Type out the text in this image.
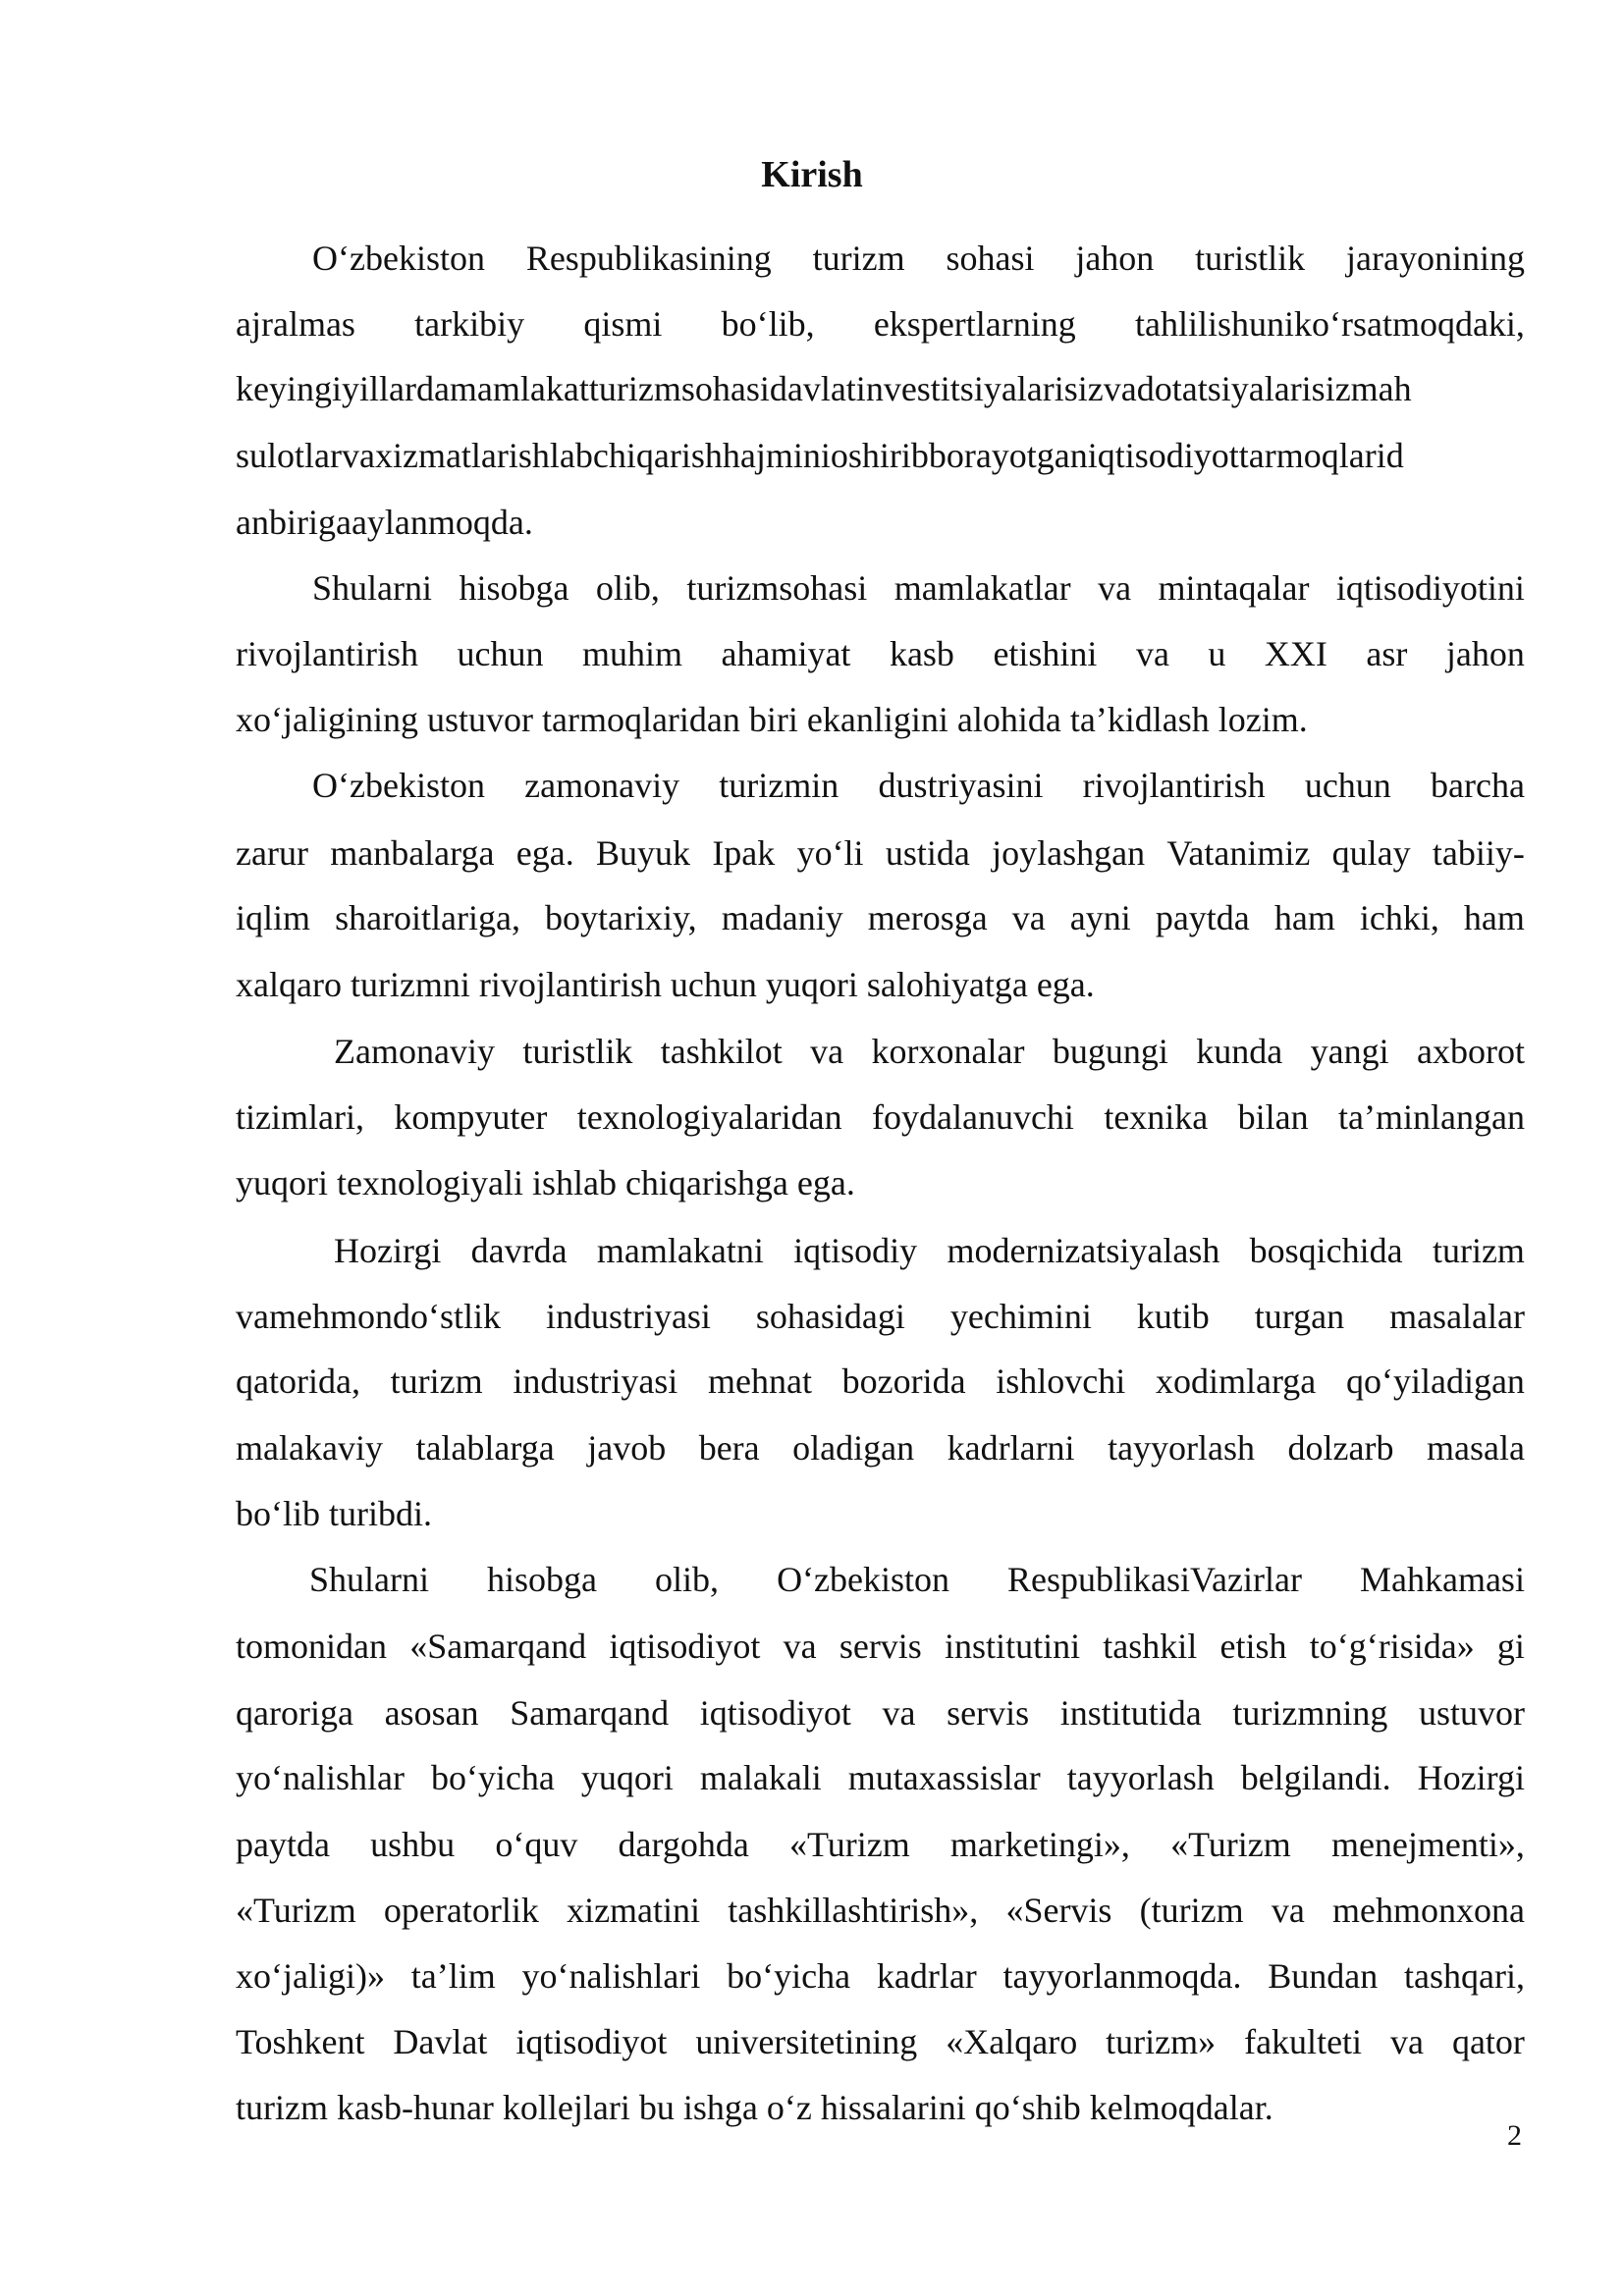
Kirish
O‘zbekiston Respublikasining turizm sohasi jahon turistlik jarayonining
ajralmas tarkibiy qismi bo‘lib, ekspertlarning tahlilishuniko‘rsatmoqdaki,
keyingiyillardamamlakatturizmsohasidavlatinvestitsiyalarisizvadotatsiyalarisizmah
sulotlarvaxizmatlarishlabchiqarishhajminioshiribborayotganiqtisodiyottarmoqlarid
anbirigaaylanmoqda.
Shularni hisobga olib, turizmsohasi mamlakatlar va mintaqalar iqtisodiyotini
rivojlantirish uchun muhim ahamiyat kasb etishini va u XXI asr jahon
xo‘jaligining ustuvor tarmoqlaridan biri ekanligini alohida ta’kidlash lozim.
O‘zbekiston zamonaviy turizmin dustriyasini rivojlantirish uchun barcha
zarur manbalarga ega. Buyuk Ipak yo‘li ustida joylashgan Vatanimiz qulay tabiiy-
iqlim sharoitlariga, boytarixiy, madaniy merosga va ayni paytda ham ichki, ham
xalqaro turizmni rivojlantirish uchun yuqori salohiyatga ega.
Zamonaviy turistlik tashkilot va korxonalar bugungi kunda yangi axborot
tizimlari, kompyuter texnologiyalaridan foydalanuvchi texnika bilan ta’minlangan
yuqori texnologiyali ishlab chiqarishga ega.
Hozirgi davrda mamlakatni iqtisodiy modernizatsiyalash bosqichida turizm
vamehmondo‘stlik industriyasi sohasidagi yechimini kutib turgan masalalar
qatorida, turizm industriyasi mehnat bozorida ishlovchi xodimlarga qo‘yiladigan
malakaviy talablarga javob bera oladigan kadrlarni tayyorlash dolzarb masala
bo‘lib turibdi.
Shularni hisobga olib, O‘zbekiston RespublikasiVazirlar Mahkamasi
tomonidan «Samarqand iqtisodiyot va servis institutini tashkil etish to‘g‘risida» gi
qaroriga asosan Samarqand iqtisodiyot va servis institutida turizmning ustuvor
yo‘nalishlar bo‘yicha yuqori malakali mutaxassislar tayyorlash belgilandi. Hozirgi
paytda ushbu o‘quv dargohda «Turizm marketingi», «Turizm menejmenti»,
«Turizm operatorlik xizmatini tashkillashtirish», «Servis (turizm va mehmonxona
xo‘jaligi)» ta’lim yo‘nalishlari bo‘yicha kadrlar tayyorlanmoqda. Bundan tashqari,
Toshkent Davlat iqtisodiyot universitetining «Xalqaro turizm» fakulteti va qator
turizm kasb-hunar kollejlari bu ishga o‘z hissalarini qo‘shib kelmoqdalar.
2
